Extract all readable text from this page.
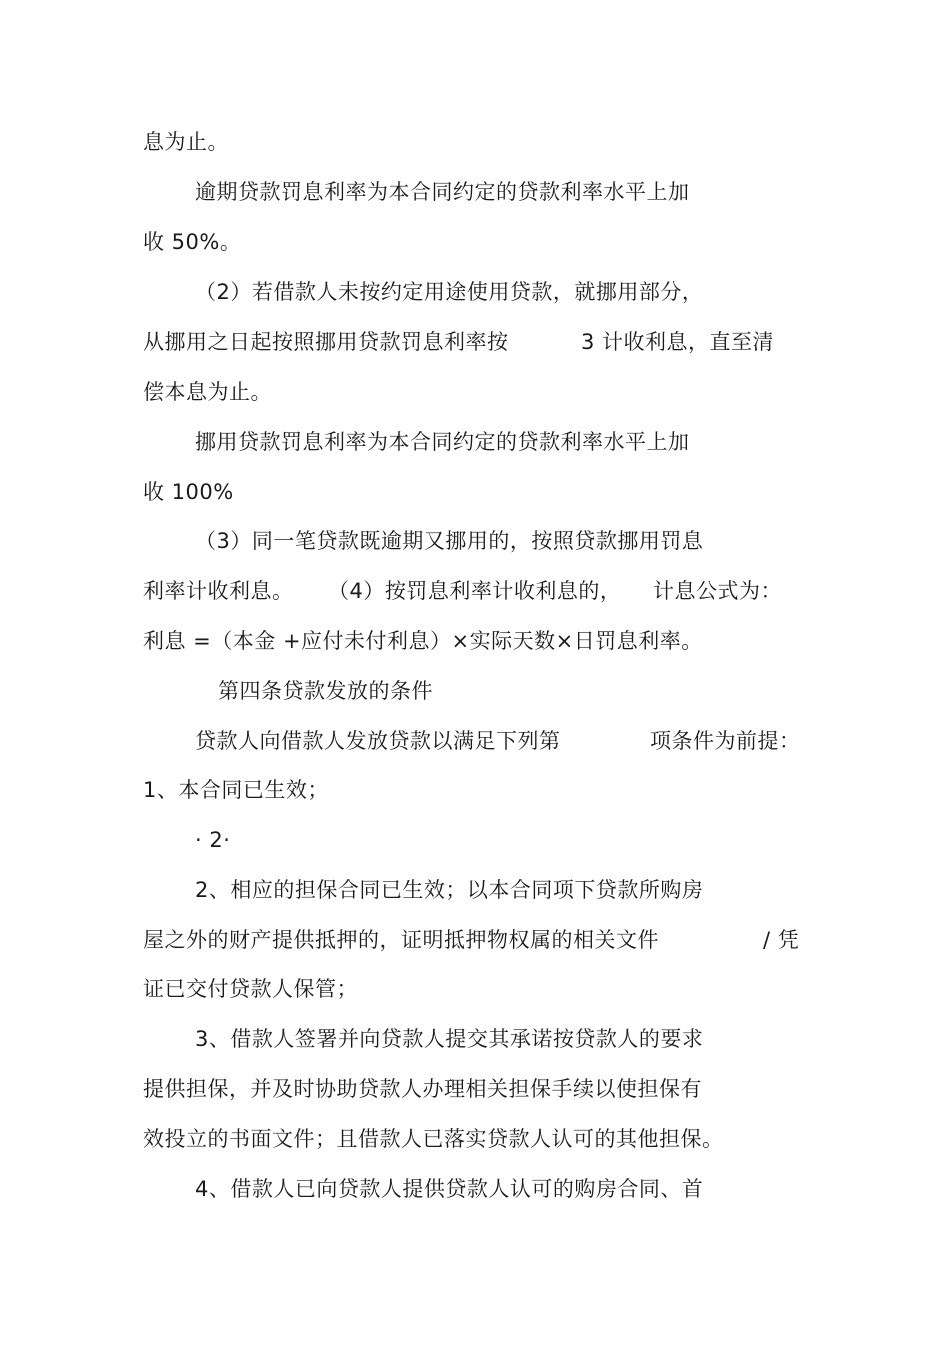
息为止。
逾期贷款罚息利率为本合同约定的贷款利率水平上加
收 50%。
（2）若借款人未按约定用途使用贷款，就挪用部分，
从挪用之日起按照挪用贷款罚息利率按	3 计收利息，直至清
偿本息为止。
挪用贷款罚息利率为本合同约定的贷款利率水平上加
收 100%
（3）同一笔贷款既逾期又挪用的，按照贷款挪用罚息
利率计收利息。 （4）按罚息利率计收利息的， 计息公式为：
利息 =（本金 +应付未付利息）×实际天数×日罚息利率。
第四条贷款发放的条件
贷款人向借款人发放贷款以满足下列第	项条件为前提：
1、本合同已生效；
· 2·
2、相应的担保合同已生效；以本合同项下贷款所购房
屋之外的财产提供抵押的，证明抵押物权属的相关文件	/ 凭
证已交付贷款人保管；
3、借款人签署并向贷款人提交其承诺按贷款人的要求
提供担保，并及时协助贷款人办理相关担保手续以使担保有
效投立的书面文件；且借款人已落实贷款人认可的其他担保。
4、借款人已向贷款人提供贷款人认可的购房合同、首
